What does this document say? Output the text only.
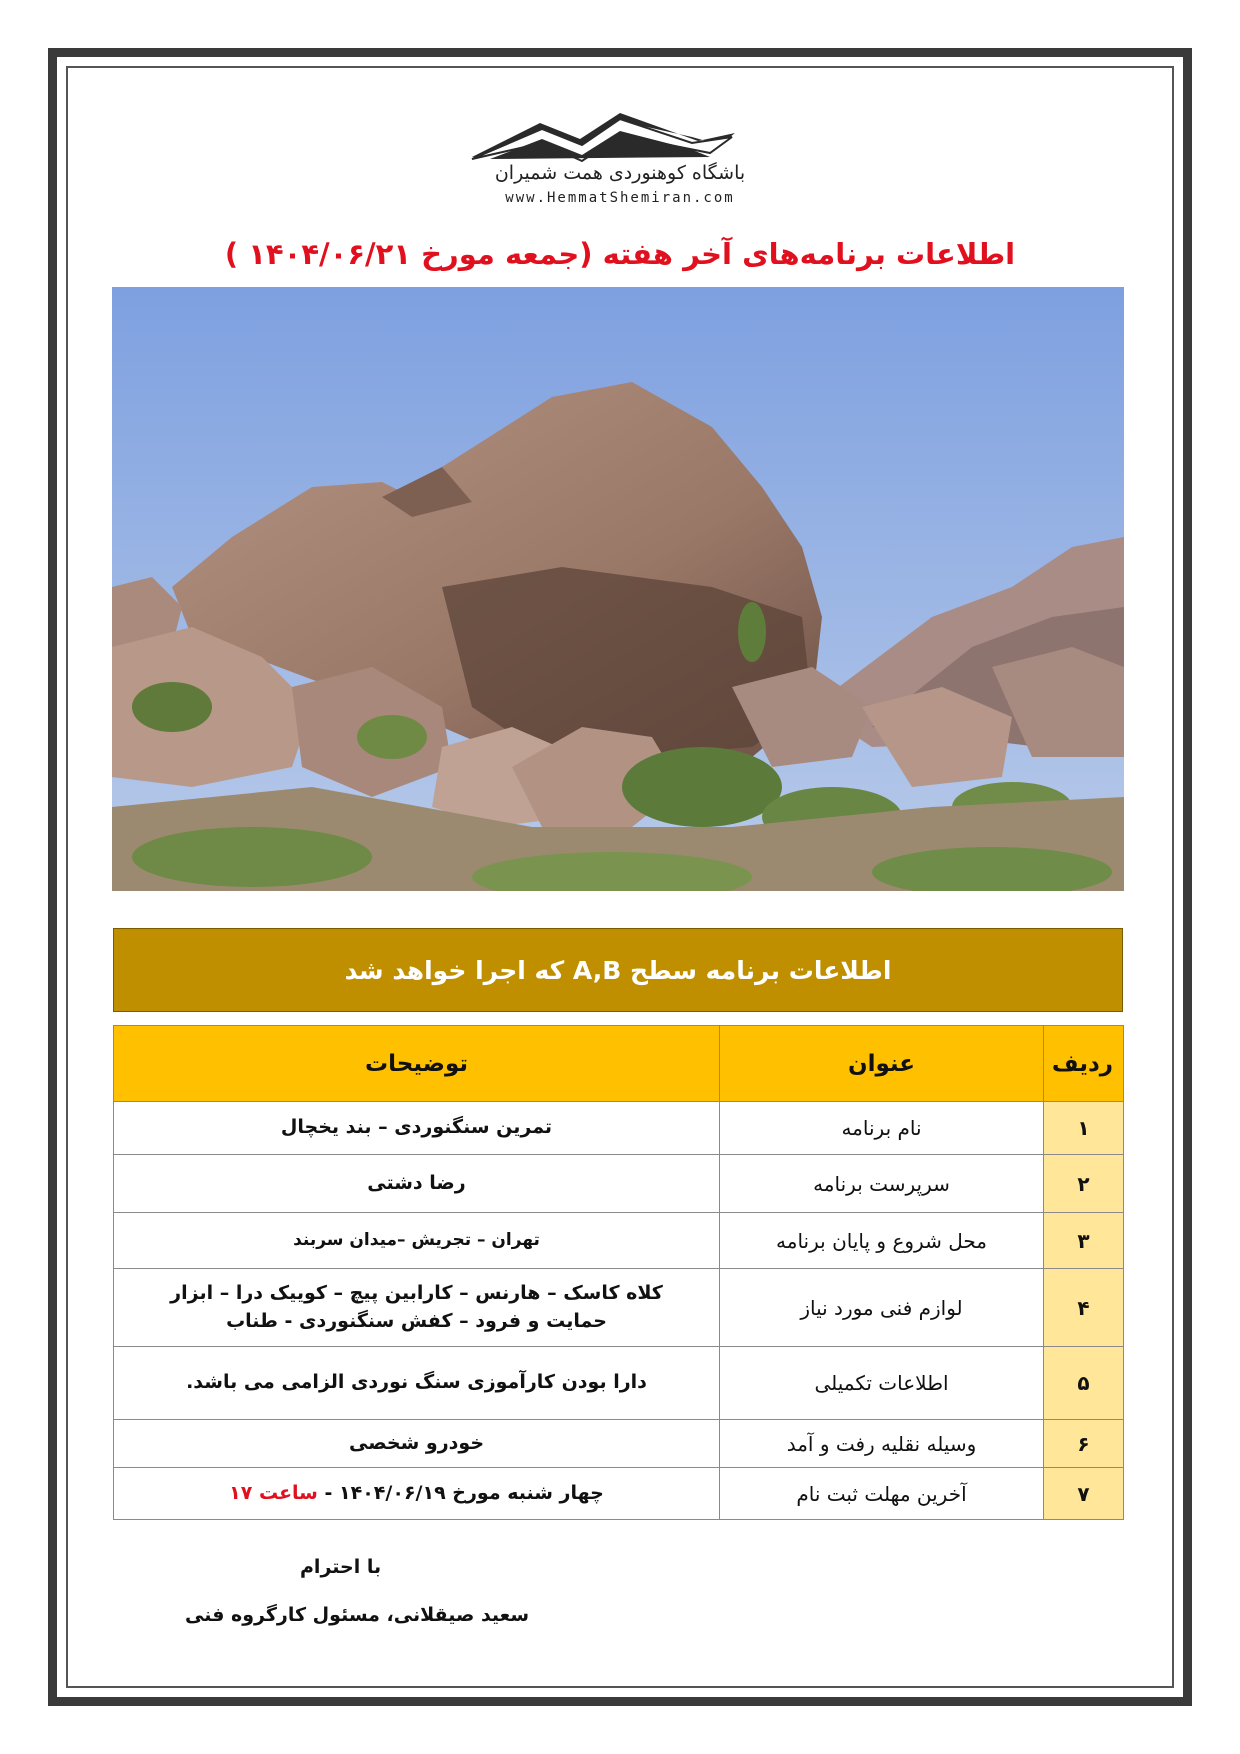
باشگاه کوهنوردی همت شمیران
www.HemmatShemiran.com
اطلاعات برنامه‌های آخر هفته (جمعه مورخ ۱۴۰۴/۰۶/۲۱ )
اطلاعات برنامه سطح A,B که اجرا خواهد شد
ردیف	عنوان	توضیحات
۱	نام برنامه	تمرین سنگنوردی – بند یخچال
۲	سرپرست برنامه	رضا دشتی
۳	محل شروع و پایان برنامه	تهران – تجریش –میدان سربند
۴	لوازم فنی مورد نیاز	کلاه کاسک – هارنس – کارابین پیچ – کوییک درا – ابزار
حمایت و فرود – کفش سنگنوردی - طناب

۵	اطلاعات تکمیلی	دارا بودن کارآموزی سنگ نوردی الزامی می باشد.
۶	وسیله نقلیه رفت و آمد	خودرو شخصی
۷	آخرین مهلت ثبت نام	چهار شنبه مورخ ۱۴۰۴/۰۶/۱۹ - ساعت ۱۷
با احترام
سعید صیقلانی، مسئول کارگروه فنی
